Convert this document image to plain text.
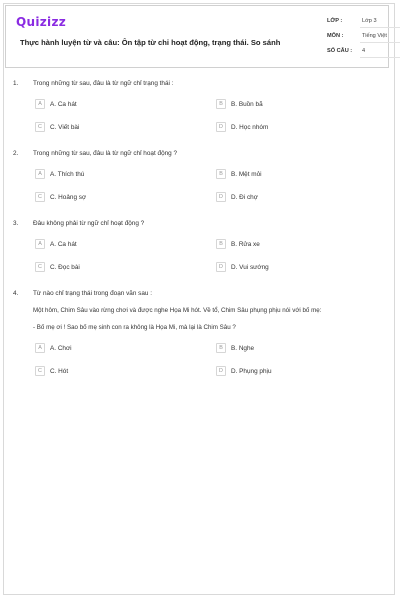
Quizizz
Thực hành luyện từ và câu: Ôn tập từ chỉ hoạt động, trạng thái. So sánh
LỚP :	Lớp 3
MÔN :	Tiếng Việt
SỐ CÂU : 4
1. Trong những từ sau, đâu là từ ngữ chỉ trạng thái :
A	A. Ca hát	B	B. Buồn bã
C	C. Viết bài	D	D. Học nhóm
2. Trong những từ sau, đâu là từ ngữ chỉ hoạt động ?
A	A. Thích thú	B	B. Mệt mỏi
C	C. Hoảng sợ	D	D. Đi chợ
3. Đâu không phải từ ngữ chỉ hoạt động ?
A	A. Ca hát	B	B. Rửa xe
C	C. Đọc bài	D	D. Vui sướng
4. Từ nào chỉ trạng thái trong đoạn văn sau :
Một hôm, Chim Sâu vào rừng chơi và được nghe Họa Mi hót. Về tổ, Chim Sâu phụng phịu nói với bố mẹ:
- Bố mẹ ơi ! Sao bố mẹ sinh con ra không là Họa Mi, mà lại là Chim Sâu ?
A	A. Chơi	B	B. Nghe
C	C. Hót	D	D. Phụng phịu
